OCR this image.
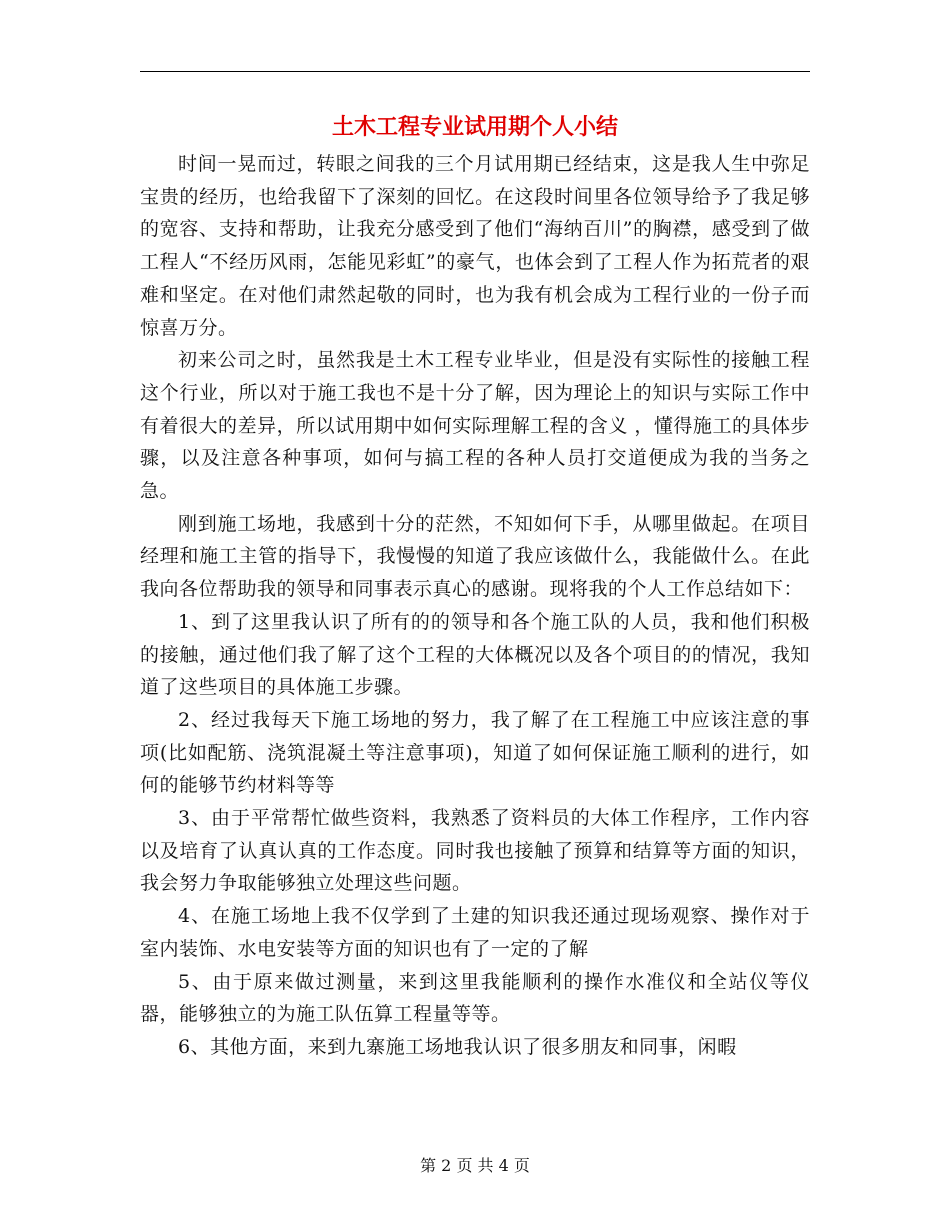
土木工程专业试用期个人小结

时间一晃而过，转眼之间我的三个月试用期已经结束，这是我人生中弥足宝贵的经历，也给我留下了深刻的回忆。在这段时间里各位领导给予了我足够的宽容、支持和帮助，让我充分感受到了他们“海纳百川”的胸襟，感受到了做工程人“不经历风雨，怎能见彩虹”的豪气，也体会到了工程人作为拓荒者的艰难和坚定。在对他们肃然起敬的同时，也为我有机会成为工程行业的一份子而惊喜万分。

初来公司之时，虽然我是土木工程专业毕业，但是没有实际性的接触工程这个行业，所以对于施工我也不是十分了解，因为理论上的知识与实际工作中有着很大的差异，所以试用期中如何实际理解工程的含义 ，懂得施工的具体步骤，以及注意各种事项，如何与搞工程的各种人员打交道便成为我的当务之急。

刚到施工场地，我感到十分的茫然，不知如何下手，从哪里做起。在项目经理和施工主管的指导下，我慢慢的知道了我应该做什么，我能做什么。在此我向各位帮助我的领导和同事表示真心的感谢。现将我的个人工作总结如下：

1、到了这里我认识了所有的的领导和各个施工队的人员，我和他们积极的接触，通过他们我了解了这个工程的大体概况以及各个项目的的情况，我知道了这些项目的具体施工步骤。

2、经过我每天下施工场地的努力，我了解了在工程施工中应该注意的事项(比如配筋、浇筑混凝土等注意事项)，知道了如何保证施工顺利的进行，如何的能够节约材料等等

3、由于平常帮忙做些资料，我熟悉了资料员的大体工作程序，工作内容以及培育了认真认真的工作态度。同时我也接触了预算和结算等方面的知识，我会努力争取能够独立处理这些问题。

4、在施工场地上我不仅学到了土建的知识我还通过现场观察、操作对于室内装饰、水电安装等方面的知识也有了一定的了解

5、由于原来做过测量，来到这里我能顺利的操作水准仪和全站仪等仪器，能够独立的为施工队伍算工程量等等。

6、其他方面，来到九寨施工场地我认识了很多朋友和同事，闲暇

第 2 页 共 4 页
